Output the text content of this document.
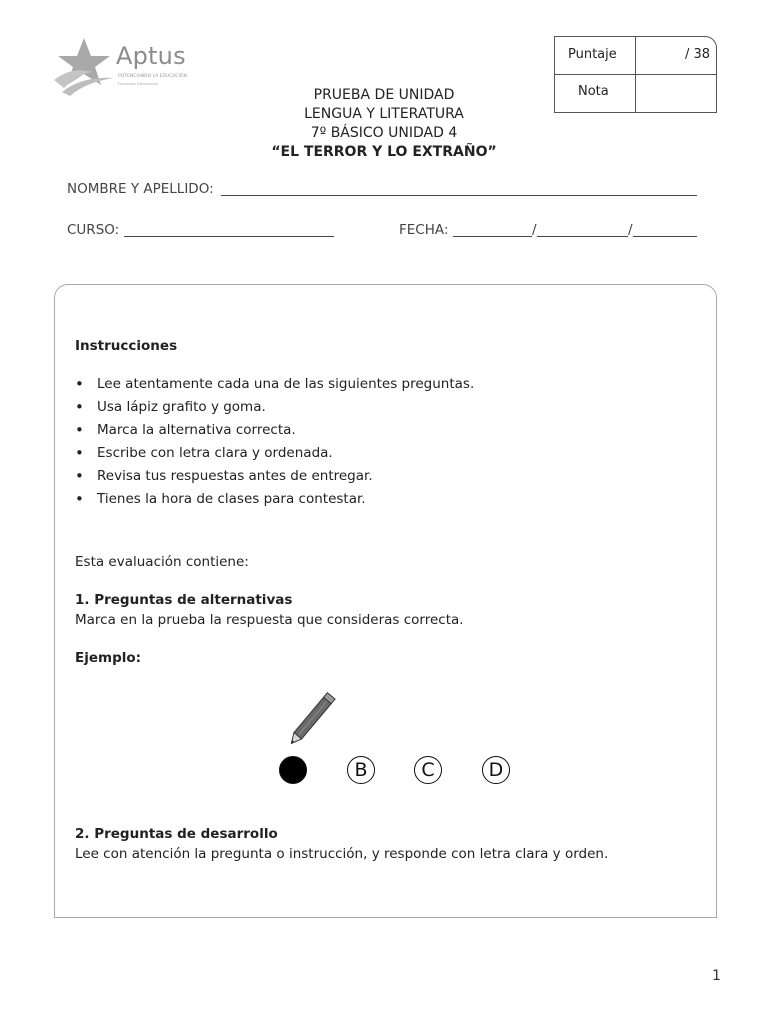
Aptus
POTENCIANDO LA EDUCACIÓN
Fundación Educacional
Puntaje	/ 38
Nota
PRUEBA DE UNIDAD
LENGUA Y LITERATURA
7º BÁSICO UNIDAD 4
“EL TERROR Y LO EXTRAÑO”
NOMBRE Y APELLIDO:
CURSO:	FECHA:	/	/
Instrucciones
• Lee atentamente cada una de las siguientes preguntas.
• Usa lápiz grafito y goma.
• Marca la alternativa correcta.
• Escribe con letra clara y ordenada.
• Revisa tus respuestas antes de entregar.
• Tienes la hora de clases para contestar.
Esta evaluación contiene:
1. Preguntas de alternativas
Marca en la prueba la respuesta que consideras correcta.
Ejemplo:
B	C	D
2. Preguntas de desarrollo
Lee con atención la pregunta o instrucción, y responde con letra clara y orden.
1
